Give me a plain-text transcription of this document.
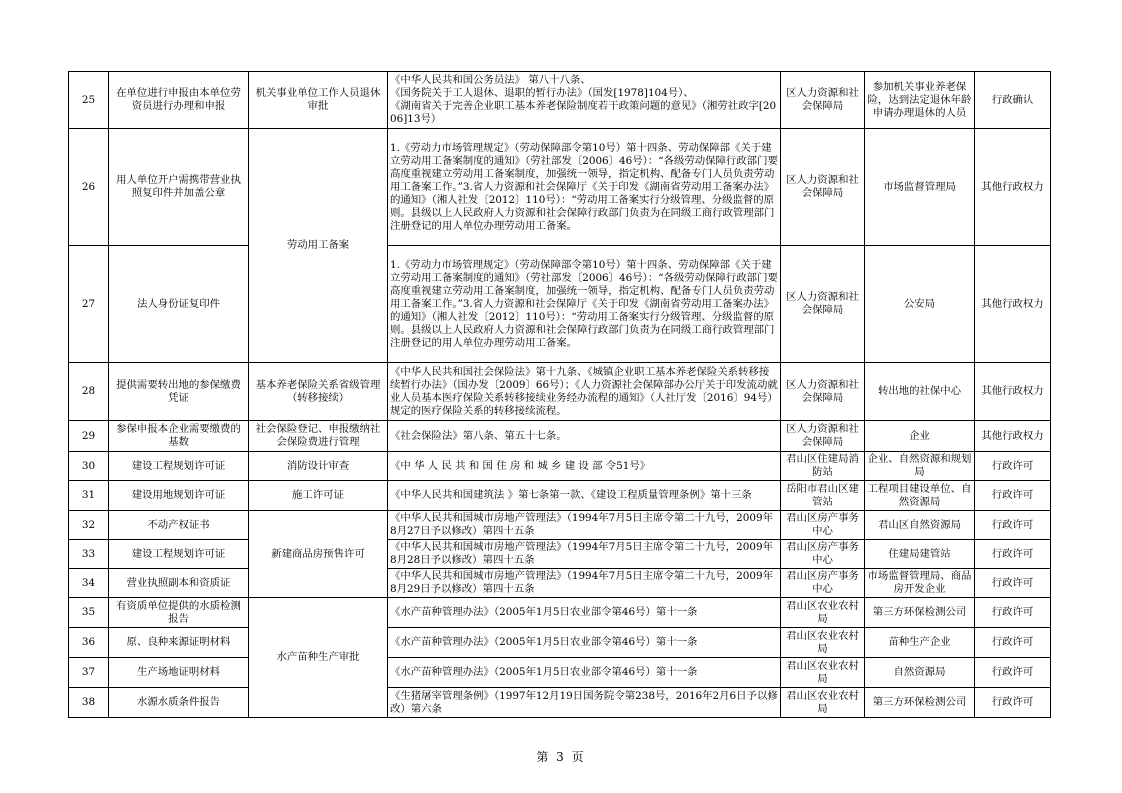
25	在单位进行申报由本单位劳资员进行办理和申报	机关事业单位工作人员退休审批	《中华人民共和国公务员法》 第八十八条、
《国务院关于工人退休、退职的暂行办法》（国发[1978]104号）、
《湖南省关于完善企业职工基本养老保险制度若干政策问题的意见》（湘劳社政字[2006]13号）	区人力资源和社会保障局	参加机关事业养老保险，达到法定退休年龄申请办理退休的人员	行政确认
26	用人单位开户需携带营业执照复印件并加盖公章	劳动用工备案	1.《劳动力市场管理规定》（劳动保障部令第10号）第十四条、劳动保障部《关于建立劳动用工备案制度的通知》（劳社部发〔2006〕46号）：“各级劳动保障行政部门要高度重视建立劳动用工备案制度，加强统一领导，指定机构、配备专门人员负责劳动用工备案工作。”3.省人力资源和社会保障厅《关于印发《湖南省劳动用工备案办法》的通知》（湘人社发〔2012〕110号）：“劳动用工备案实行分级管理、分级监督的原则。县级以上人民政府人力资源和社会保障行政部门负责为在同级工商行政管理部门注册登记的用人单位办理劳动用工备案。	区人力资源和社会保障局	市场监督管理局	其他行政权力
27	法人身份证复印件		1.《劳动力市场管理规定》（劳动保障部令第10号）第十四条、劳动保障部《关于建立劳动用工备案制度的通知》（劳社部发〔2006〕46号）：“各级劳动保障行政部门要高度重视建立劳动用工备案制度，加强统一领导，指定机构、配备专门人员负责劳动用工备案工作。”3.省人力资源和社会保障厅《关于印发《湖南省劳动用工备案办法》的通知》（湘人社发〔2012〕110号）：“劳动用工备案实行分级管理、分级监督的原则。县级以上人民政府人力资源和社会保障行政部门负责为在同级工商行政管理部门注册登记的用人单位办理劳动用工备案。	区人力资源和社会保障局	公安局	其他行政权力
28	提供需要转出地的参保缴费凭证	基本养老保险关系省级管理（转移接续）	《中华人民共和国社会保险法》第十九条、《城镇企业职工基本养老保险关系转移接续暂行办法》（国办发〔2009〕66号）；《人力资源社会保障部办公厅关于印发流动就业人员基本医疗保险关系转移接续业务经办流程的通知》（人社厅发〔2016〕94号）规定的医疗保险关系的转移接续流程。	区人力资源和社会保障局	转出地的社保中心	其他行政权力
29	参保申报本企业需要缴费的基数	社会保险登记、申报缴纳社会保险费进行管理	《社会保险法》第八条、第五十七条。	区人力资源和社会保障局	企业	其他行政权力
30	建设工程规划许可证	消防设计审查	《中 华 人 民 共 和 国 住 房 和 城 乡 建 设 部 令51号》	君山区住建局消防站	企业、自然资源和规划局	行政许可
31	建设用地规划许可证	施工许可证	《中华人民共和国建筑法 》第七条第一款、《建设工程质量管理条例》第十三条	岳阳市君山区建管站	工程项目建设单位、自然资源局	行政许可
32	不动产权证书	新建商品房预售许可	《中华人民共和国城市房地产管理法》（1994年7月5日主席令第二十九号，2009年8月27日予以修改）第四十五条	君山区房产事务中心	君山区自然资源局	行政许可
33	建设工程规划许可证		《中华人民共和国城市房地产管理法》（1994年7月5日主席令第二十九号，2009年8月28日予以修改）第四十五条	君山区房产事务中心	住建局建管站	行政许可
34	营业执照副本和资质证		《中华人民共和国城市房地产管理法》（1994年7月5日主席令第二十九号，2009年8月29日予以修改）第四十五条	君山区房产事务中心	市场监督管理局、商品房开发企业	行政许可
35	有资质单位提供的水质检测报告	水产苗种生产审批	《水产苗种管理办法》（2005年1月5日农业部令第46号）第十一条	君山区农业农村局	第三方环保检测公司	行政许可
36	原、良种来源证明材料		《水产苗种管理办法》（2005年1月5日农业部令第46号）第十一条	君山区农业农村局	苗种生产企业	行政许可
37	生产场地证明材料		《水产苗种管理办法》（2005年1月5日农业部令第46号）第十一条	君山区农业农村局	自然资源局	行政许可
38	水源水质条件报告		《生猪屠宰管理条例》（1997年12月19日国务院令第238号，2016年2月6日予以修改）第六条	君山区农业农村局	第三方环保检测公司	行政许可
第 3 页
